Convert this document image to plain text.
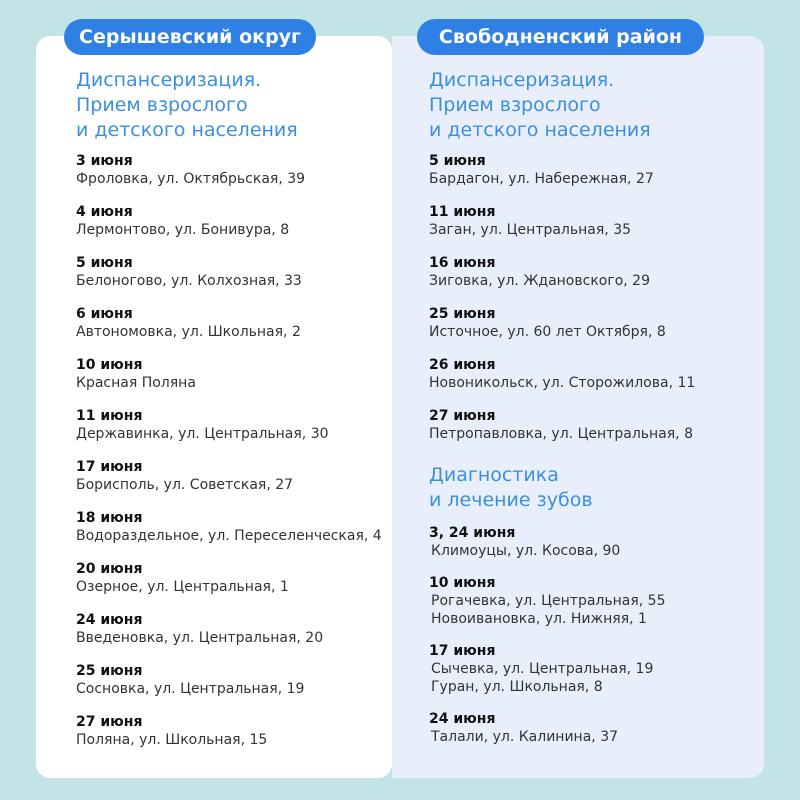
Серышевский округ	Свободненский район
Диспансеризация.
Прием взрослого
и детского населения
3 июня
Фроловка, ул. Октябрьская, 39
4 июня
Лермонтово, ул. Бонивура, 8
5 июня
Белоногово, ул. Колхозная, 33
6 июня
Автономовка, ул. Школьная, 2
10 июня
Красная Поляна
11 июня
Державинка, ул. Центральная, 30
17 июня
Борисполь, ул. Советская, 27
18 июня
Водораздельное, ул. Переселенческая, 4
20 июня
Озерное, ул. Центральная, 1
24 июня
Введеновка, ул. Центральная, 20
25 июня
Сосновка, ул. Центральная, 19
27 июня
Поляна, ул. Школьная, 15
Диспансеризация.
Прием взрослого
и детского населения
5 июня
Бардагон, ул. Набережная, 27
11 июня
Заган, ул. Центральная, 35
16 июня
Зиговка, ул. Ждановского, 29
25 июня
Источное, ул. 60 лет Октября, 8
26 июня
Новоникольск, ул. Сторожилова, 11
27 июня
Петропавловка, ул. Центральная, 8
Диагностика
и лечение зубов
3, 24 июня
Климоуцы, ул. Косова, 90
10 июня
Рогачевка, ул. Центральная, 55
Новоивановка, ул. Нижняя, 1
17 июня
Сычевка, ул. Центральная, 19
Гуран, ул. Школьная, 8
24 июня
Талали, ул. Калинина, 37
